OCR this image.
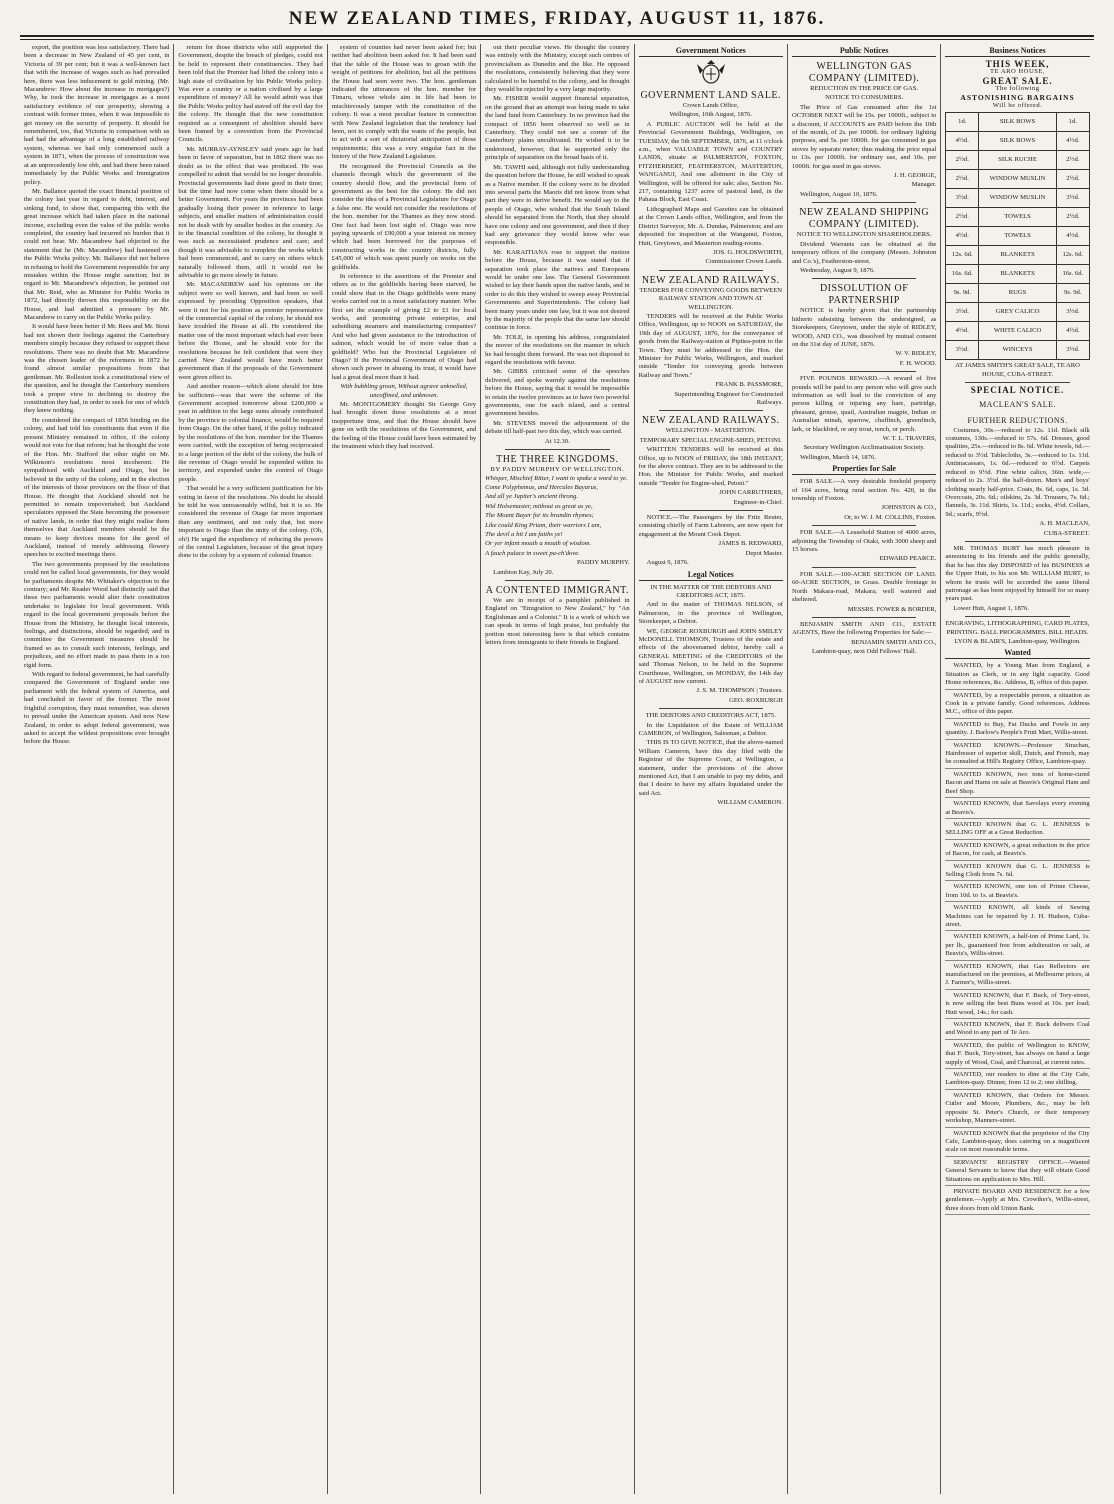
NEW ZEALAND TIMES, FRIDAY, AUGUST 11, 1876.

export, the position was less satisfactory. There had been a decrease in New Zealand of 45 per cent, in Victoria of 39 per cent; but it was a well-known fact that with the increase of wages such as had prevailed here, there was less inducement to gold mining. (Mr. Macandrew: How about the increase in mortgages?) Why, he took the increase in mortgages as a most satisfactory evidence of our prosperity, showing a contrast with former times, when it was impossible to get money on the security of property. It should be remembered, too, that Victoria in comparison with us had had the advantage of a long established railway system, whereas we had only commenced such a system in 1871, when the process of construction was at an unprecedently low ebb, and had there been raised immediately by the Public Works and Immigration policy.

Mr. Ballance quoted the exact financial position of the colony last year in regard to debt, interest, and sinking fund, to show that, comparing this with the great increase which had taken place in the national income, excluding even the value of the public works completed, the country had incurred no burden that it could not bear. Mr. Macandrew had objected to the statement that he (Mr. Macandrew) had hastened on the Public Works policy. Mr. Ballance did not believe in refusing to hold the Government responsible for any mistakes within the House might sanction; but in regard to Mr. Macandrew's objection, he pointed out that Mr. Reid, who as Minister for Public Works in 1872, had directly thrown this responsibility on the House, and had admitted a pressure by Mr. Macandrew to carry on the Public Works policy.

It would have been better if Mr. Rees and Mr. Stout had not shown their feelings against the Canterbury members simply because they refused to support these resolutions. There was no doubt that Mr. Macandrew was the chosen leader of the reformers in 1872 he found almost similar propositions from that gentleman. Mr. Rolleston took a constitutional view of the question, and he thought the Canterbury members took a proper view in declining to destroy the constitution they had, in order to seek for one of which they knew nothing.

He considered the compact of 1856 binding on the colony, and had told his constituents that even if the present Ministry remained in office, if the colony would not vote for that reform; but he thought the vote of the Hon. Mr. Stafford the other night on Mr. Wilkinson's resolutions most incoherent. He sympathised with Auckland and Otago, but he believed in the unity of the colony, and in the election of the interests of those provinces on the floor of that House. He thought that Auckland should not be permitted to remain impoverished; but Auckland speculators opposed the State becoming the possessor of native lands, in order that they might realise them themselves that Auckland members should be the means to keep devices means for the good of Auckland, instead of merely addressing flowery speeches to excited meetings there.

The two governments proposed by the resolutions could not be called local governments, for they would be parliaments despite Mr. Whitaker's objection to the contrary; and Mr. Reader Wood had distinctly said that these two parliaments would alter their constitution undertake to legislate for local government. With regard to the local government proposals before the House from the Ministry, he thought local interests, feelings, and distinctions, should be regarded; and in committee the Government measures should be framed so as to consult such interests, feelings, and prejudices, and no effort made to pass them in a too rigid form.

With regard to federal government, he had carefully compared the Government of England under one parliament with the federal system of America, and had concluded in favor of the former. The most frightful corruption, they must remember, was shown to prevail under the American system. And now New Zealand, in order to adopt federal government, was asked to accept the wildest propositions ever brought before the House.

return for those districts who still supported the Government, despite the breach of pledges, could not be held to represent their constituencies. They had been told that the Premier had lifted the colony into a high state of civilisation by his Public Works policy. Was ever a country or a nation civilised by a large expenditure of money? All he would admit was that the Public Works policy had staved off the evil day for the colony. He thought that the new constitution required as a consequent of abolition should have been framed by a convention from the Provincial Councils.

Mr. MURRAY-AYNSLEY said years ago he had been in favor of separation, but in 1862 there was no doubt as to the effect that was produced. He was compelled to admit that would be no longer desirable. Provincial governments had done good in their time; but the time had now come when there should be a better Government. For years the provinces had been gradually losing their power in reference to large subjects, and smaller matters of administration could not be dealt with by smaller bodies in the country. As to the financial condition of the colony, he thought it was such as necessitated prudence and care; and though it was advisable to complete the works which had been commenced, and to carry on others which naturally followed them, still it would not be advisable to go more slowly in future.

Mr. MACANDREW said his opinions on the subject were so well known, and had been so well expressed by preceding Opposition speakers, that were it not for his position as premier representative of the commercial capital of the colony, he should not have troubled the House at all. He considered the matter one of the most important which had ever been before the House, and he should vote for the resolutions because he felt confident that were they carried New Zealand would have much better government than if the proposals of the Government were given effect to.

And another reason—which alone should for him be sufficient—was that were the scheme of the Government accepted tomorrow about £200,000 a year in addition to the large sums already contributed by the province to colonial finance, would be required from Otago. On the other hand, if the policy indicated by the resolutions of the hon. member for the Thames were carried, with the exception of being reciprocated to a large portion of the debt of the colony, the bulk of the revenue of Otago would be expended within its territory, and expended under the control of Otago people.

That would be a very sufficient justification for his voting in favor of the resolutions. No doubt he should be told he was unreasonably wilful, but it is so. He considered the revenue of Otago far more important than any sentiment, and not only that, but more important to Otago than the unity of the colony. (Oh, oh!) He urged the expediency of reducing the powers of the central Legislature, because of the great injury done to the colony by a system of colonial finance.

system of counties had never been asked for; but neither had abolition been asked for. It had been said that the table of the House was to groan with the weight of petitions for abolition, but all the petitions the House had seen were two. The hon. gentleman indicated the utterances of the hon. member for Timaru, whose whole aim in life had been to mischievously tamper with the constitution of the colony. It was a most peculiar feature in connection with New Zealand legislation that the tendency had been, not to comply with the wants of the people, but to act with a sort of dictatorial anticipation of those requirements; this was a very singular fact in the history of the New Zealand Legislature.

He recognised the Provincial Councils as the channels through which the government of the country should flow, and the provincial form of government as the best for the colony. He did not consider the idea of a Provincial Legislature for Otago a false one. He would not consider the resolutions of the hon. member for the Thames as they now stood. One fact had been lost sight of. Otago was now paying upwards of £90,000 a year interest on money which had been borrowed for the purposes of constructing works in the country districts, fully £45,000 of which was spent purely on works on the goldfields.

In reference to the assertions of the Premier and others as to the goldfields having been starved, he could show that in the Otago goldfields were many works carried out in a most satisfactory manner. Who first set the example of giving £2 to £1 for local works, and promoting private enterprise, and subsidising steamers and manufacturing companies? And who had given assistance to the introduction of salmon, which would be of more value than a goldfield? Who but the Provincial Legislature of Otago? If the Provincial Government of Otago had shown such power in abusing its trust, it would have had a great deal more than it had.

With bubbling groan, Without agrave unknelled, uncoffined, and unknown.

Mr. MONTGOMERY thought Sir George Grey had brought down these resolutions at a most inopportune time, and that the House should have gone on with the resolutions of the Government, and the feeling of the House could have been estimated by the treatment which they had received.

out their peculiar views. He thought the country was entirely with the Ministry, except such centres of provincialism as Dunedin and the like. He opposed the resolutions, consistently believing that they were calculated to be harmful to the colony, and he thought they would be rejected by a very large majority.

Mr. FISHER would support financial separation, on the ground that an attempt was being made to take the land fund from Canterbury. In no province had the compact of 1856 been observed so well as in Canterbury. They could not see a corner of the Canterbury plains uncultivated. He wished it to be understood, however, that he supported only the principle of separation on the broad basis of it.

Mr. TAWHI said, although not fully understanding the question before the House, he still wished to speak as a Native member. If the colony were to be divided into several parts the Maoris did not know from what part they were to derive benefit. He would say to the people of Otago, who wished that the South Island should be separated from the North, that they should have one colony and one government, and then if they had any grievance they would know who was responsible.

Mr. KARAITIANA rose to support the motion before the House, because it was stated that if separation took place the natives and Europeans would be under one law. The General Government wished to lay their hands upon the native lands, and in order to do this they wished to sweep away Provincial Governments and Superintendents. The colony had been many years under one law, but it was not desired by the majority of the people that the same law should continue in force.

Mr. TOLE, in opening his address, congratulated the mover of the resolutions on the manner in which he had brought them forward. He was not disposed to regard the resolutions with favour.

Mr. GIBBS criticised some of the speeches delivered, and spoke warmly against the resolutions before the House, saying that it would be impossible to retain the twelve provinces as to have two powerful governments, one for each island, and a central government besides.

Mr. STEVENS moved the adjournment of the debate till half-past two this day, which was carried.

At 12.30.

THE THREE KINGDOMS.
BY PADDY MURPHY OF WELLINGTON.

Whisper, Mischief Ritter, I want to spake a word to ye.

Come Polyphemus, and Hercules Bayarus,

And all ye Jupiter's ancient throng.

Wid Holsemaster, mithout as great as ye,

The Mount Bayer for its brandin rhymes;

Like could King Priam, their warriors I am,

The devil a bit I am faiths ye!

Or yer infant mouth a mouth of wisdom.

A fauch palace in sweet pa-ch'dove.

PADDY MURPHY.

Lambton Kay, July 20.

A CONTENTED IMMIGRANT.

We are in receipt of a pamphlet published in England on "Emigration to New Zealand," by "An Englishman and a Colonist." It is a work of which we can speak in terms of high praise, but probably the portion most interesting here is that which contains letters from immigrants to their friends in England.

Government Notices
GOVERNMENT LAND SALE.

Crown Lands Office,

Wellington, 10th August, 1876.

A PUBLIC AUCTION will be held at the Provincial Government Buildings, Wellington, on TUESDAY, the 5th SEPTEMBER, 1876, at 11 o'clock a.m., when VALUABLE TOWN and COUNTRY LANDS, situate at PALMERSTON, FOXTON, FITZHERBERT, FEATHERSTON, MASTERTON, WANGANUI, And one allotment in the City of Wellington, will be offered for sale; also, Section No. 217, containing 1237 acres of pastoral land, in the Pahaua Block, East Coast.

Lithographed Maps and Gazettes can be obtained at the Crown Lands office, Wellington, and from the District Surveyor, Mr. A. Dundas, Palmerston; and are deposited for inspection at the Wanganui, Foxton, Hutt, Greytown, and Masterton reading-rooms.

JOS. G. HOLDSWORTH,

Commissioner Crown Lands.

NEW ZEALAND RAILWAYS.

TENDERS FOR CONVEYING GOODS BETWEEN RAILWAY STATION AND TOWN AT WELLINGTON.

TENDERS will be received at the Public Works Office, Wellington, up to NOON on SATURDAY, the 19th day of AUGUST, 1876, for the conveyance of goods from the Railway-station at Pipitea-point to the Town. They must be addressed to the Hon. the Minister for Public Works, Wellington, and marked outside "Tender for conveying goods between Railway and Town."

FRANK B. PASSMORE,

Superintending Engineer for Constructed Railways.

NEW ZEALAND RAILWAYS.

WELLINGTON - MASTERTON.

TEMPORARY SPECIAL ENGINE-SHED, PETONI.

WRITTEN TENDERS will be received at this Office, up to NOON of FRIDAY, the 18th INSTANT, for the above contract. They are to be addressed to the Hon. the Minister for Public Works, and marked outside "Tender for Engine-shed, Petoni."

JOHN CARRUTHERS,

Engineer-in-Chief.

NOTICE.—The Passengers by the Fritz Reuter, consisting chiefly of Farm Laborers, are now open for engagement at the Mount Cook Depot.

JAMES B. REDWARD,

Depot Master.

August 9, 1876.

Legal Notices

IN THE MATTER OF THE DEBTORS AND CREDITORS ACT, 1875.

And in the matter of THOMAS NELSON, of Palmerston, in the province of Wellington, Storekeeper, a Debtor.

WE, GEORGE ROXBURGH and JOHN SMILEY McDONELL THOMSON, Trustees of the estate and effects of the abovenamed debtor, hereby call a GENERAL MEETING of the CREDITORS of the said Thomas Nelson, to be held in the Supreme Courthouse, Wellington, on MONDAY, the 14th day of AUGUST now current.

J. S. M. THOMPSON | Trustees.

GEO. ROXBURGH

THE DEBTORS AND CREDITORS ACT, 1875.

In the Liquidation of the Estate of WILLIAM CAMERON, of Wellington, Salesman, a Debtor.

THIS IS TO GIVE NOTICE, that the above-named William Cameron, have this day filed with the Registrar of the Supreme Court, at Wellington, a statement, under the provisions of the above mentioned Act, that I am unable to pay my debts, and that I desire to have my affairs liquidated under the said Act.

WILLIAM CAMERON.

Public Notices
WELLINGTON GAS COMPANY (LIMITED).

REDUCTION IN THE PRICE OF GAS.

NOTICE TO CONSUMERS.

The Price of Gas consumed after the 1st OCTOBER NEXT will be 15s. per 1000ft., subject to a discount, if ACCOUNTS are PAID before the 10th of the month, of 2s. per 1000ft. for ordinary lighting purposes, and 5s. per 1000ft. for gas consumed in gas stoves by separate meter; thus making the price equal to 13s. per 1000ft. for ordinary use, and 10s. per 1000ft. for gas used in gas stoves.

J. H. GEORGE,

Manager.

Wellington, August 10, 1876.

NEW ZEALAND SHIPPING COMPANY (LIMITED).

NOTICE TO WELLINGTON SHAREHOLDERS.

Dividend Warrants can be obtained at the temporary offices of the company (Messrs. Johnston and Co.'s), Featherston-street.

Wednesday, August 9, 1876.

DISSOLUTION OF PARTNERSHIP

NOTICE is hereby given that the partnership hitherto subsisting between the undersigned, as Storekeepers, Greytown, under the style of RIDLEY, WOOD, AND CO., was dissolved by mutual consent on the 31st day of JUNE, 1876.

W. V. RIDLEY,

F. H. WOOD.

FIVE POUNDS REWARD.—A reward of five pounds will be paid to any person who will give such information as will lead to the conviction of any person killing or injuring any hare, partridge, pheasant, grouse, quail, Australian magpie, Indian or Australian minah, sparrow, chaffinch, greenfinch, lark, or blackbird, or any trout, tench, or perch.

W. T. L. TRAVERS,

Secretary Wellington Acclimatisation Society.

Wellington, March 14, 1876.

Properties for Sale

FOR SALE.—A very desirable freehold property of 164 acres, being rural section No. 420, in the township of Foxton.

JOHNSTON & CO.,

Or, to W. J. M. COLLINS, Foxton.

FOR SALE.—A Leasehold Station of 4000 acres, adjoining the Township of Otaki, with 3000 sheep and 15 horses.

EDWARD PEARCE.

FOR SALE.—100-ACRE SECTION OF LAND. 60-ACRE SECTION, in Grass. Double frontage to North Makara-road, Makara; well watered and sheltered.

MESSRS. FOWER & BORDER,

BENJAMIN SMITH AND CO., ESTATE AGENTS, Have the following Properties for Sale:—

BENJAMIN SMITH AND CO.,

Lambton-quay, next Odd Fellows' Hall.

Business Notices
THIS WEEK,
TE ARO HOUSE,
GREAT SALE.
The following
ASTONISHING BARGAINS
Will be offered.
1d.	SILK BOWS	1d.
4½d.	SILK BOWS	4½d.
2½d.	SILK RUCHE	2½d.
2½d.	WINDOW MUSLIN	2½d.
3½d.	WINDOW MUSLIN	3½d.
2½d.	TOWELS	2½d.
4½d.	TOWELS	4½d.
12s. 6d.	BLANKETS	12s. 6d.
16s. 6d.	BLANKETS	16s. 6d.
9s. 9d.	RUGS	9s. 9d.
3½d.	GREY CALICO	3½d.
4½d.	WHITE CALICO	4½d.
3½d.	WINCEYS	3½d.

AT JAMES SMITH'S GREAT SALE, TE ARO HOUSE, CUBA-STREET.

SPECIAL NOTICE.
MACLEAN'S SALE.
FURTHER REDUCTIONS.

Costumes, 30s.—reduced to 12s. 11d. Black silk costumes, 130s.—reduced to 57s. 6d. Dresses, good qualities, 25s.—reduced to 8s. 6d. White towels, 6d.—reduced to 3½d. Tablecloths, 3s.—reduced to 1s. 11d. Antimacassars, 1s. 6d.—reduced to 6½d. Carpets reduced to 9½d. Fine white calico, 36in. wide,—reduced to 2s. 3½d. the half-dozen. Men's and boys' clothing nearly half-price. Coats, 8s. 6d, caps, 1s. 3d. Overcoats, 20s. 6d.; oilskins, 2s. 3d. Trousers, 7s. 6d.; flannels, 3s. 11d. Shirts, 1s. 11d.; socks, 4½d. Collars, 9d.; scarfs, 9½d.

A. H. MACLEAN,

CUBA-STREET.

MR. THOMAS BURT has much pleasure in announcing to his friends and the public generally, that he has this day DISPOSED of his BUSINESS at the Upper Hutt, to his son Mr. WILLIAM BURT, to whom he trusts will be accorded the same liberal patronage as has been enjoyed by himself for so many years past.

Lower Hutt, August 1, 1876.

ENGRAVING, LITHOGRAPHING, CARD PLATES, PRINTING. BALL PROGRAMMES. BILL HEADS.

LYON & BLAIR'S, Lambton-quay, Wellington.

Wanted

WANTED, by a Young Man from England, a Situation as Clerk, or in any light capacity. Good Home references, &c. Address, B, office of this paper.

WANTED, by a respectable person, a situation as Cook in a private family. Good references. Address M.C., office of this paper.

WANTED to Buy, Fat Ducks and Fowls in any quantity. J. Barlow's People's Fruit Mart, Willis-street.

WANTED KNOWN.—Professor Strachan, Hairdresser of superior skill, Dutch, and French, may be consulted at Hill's Registry Office, Lambton-quay.

WANTED KNOWN, two tons of home-cured Bacon and Hams on sale at Beavis's Original Ham and Beef Shop.

WANTED KNOWN, that Savolays every evening at Beavis's.

WANTED KNOWN that G. L. JENNESS is SELLING OFF at a Great Reduction.

WANTED KNOWN, a great reduction in the price of Bacon, for cash, at Beavis's.

WANTED KNOWN that G. L. JENNESS is Selling Cloth from 7s. 6d.

WANTED KNOWN, one ton of Prime Cheese, from 10d. to 1s. at Beavis's.

WANTED KNOWN, all kinds of Sewing Machines can be repaired by J. H. Hudson, Cuba-street.

WANTED KNOWN, a half-ton of Prime Lard, 1s. per lb., guaranteed free from adulteration or salt, at Beavis's, Willis-street.

WANTED KNOWN, that Gas Reflectors are manufactured on the premises, at Melbourne prices, at J. Farmer's, Willis-street.

WANTED KNOWN, that F. Buck, of Tory-street, is now selling the best Buns wood at 10s. per load; Hutt wood, 14s.; for cash.

WANTED KNOWN, that F. Buck delivers Coal and Wood to any part of Te Aro.

WANTED, the public of Wellington to KNOW, that F. Buck, Tory-street, has always on hand a large supply of Wood, Coal, and Charcoal, at current rates.

WANTED, our readers to dine at the City Cafe, Lambton-quay. Dinner, from 12 to 2; one shilling.

WANTED KNOWN, that Orders for Messrs. Cutler and Moore, Plumbers, &c., may be left opposite St. Peter's Church, or their temporary workshop, Manners-street.

WANTED KNOWN that the proprietor of the City Cafe, Lambton-quay, does catering on a magnificent scale on most reasonable terms.

SERVANTS' REGISTRY OFFICE.—Wanted General Servants to know that they will obtain Good Situations on application to Mrs. Hill.

PRIVATE BOARD AND RESIDENCE for a few gentlemen.—Apply at Mrs. Crowther's, Willis-street, three doors from old Union Bank.
